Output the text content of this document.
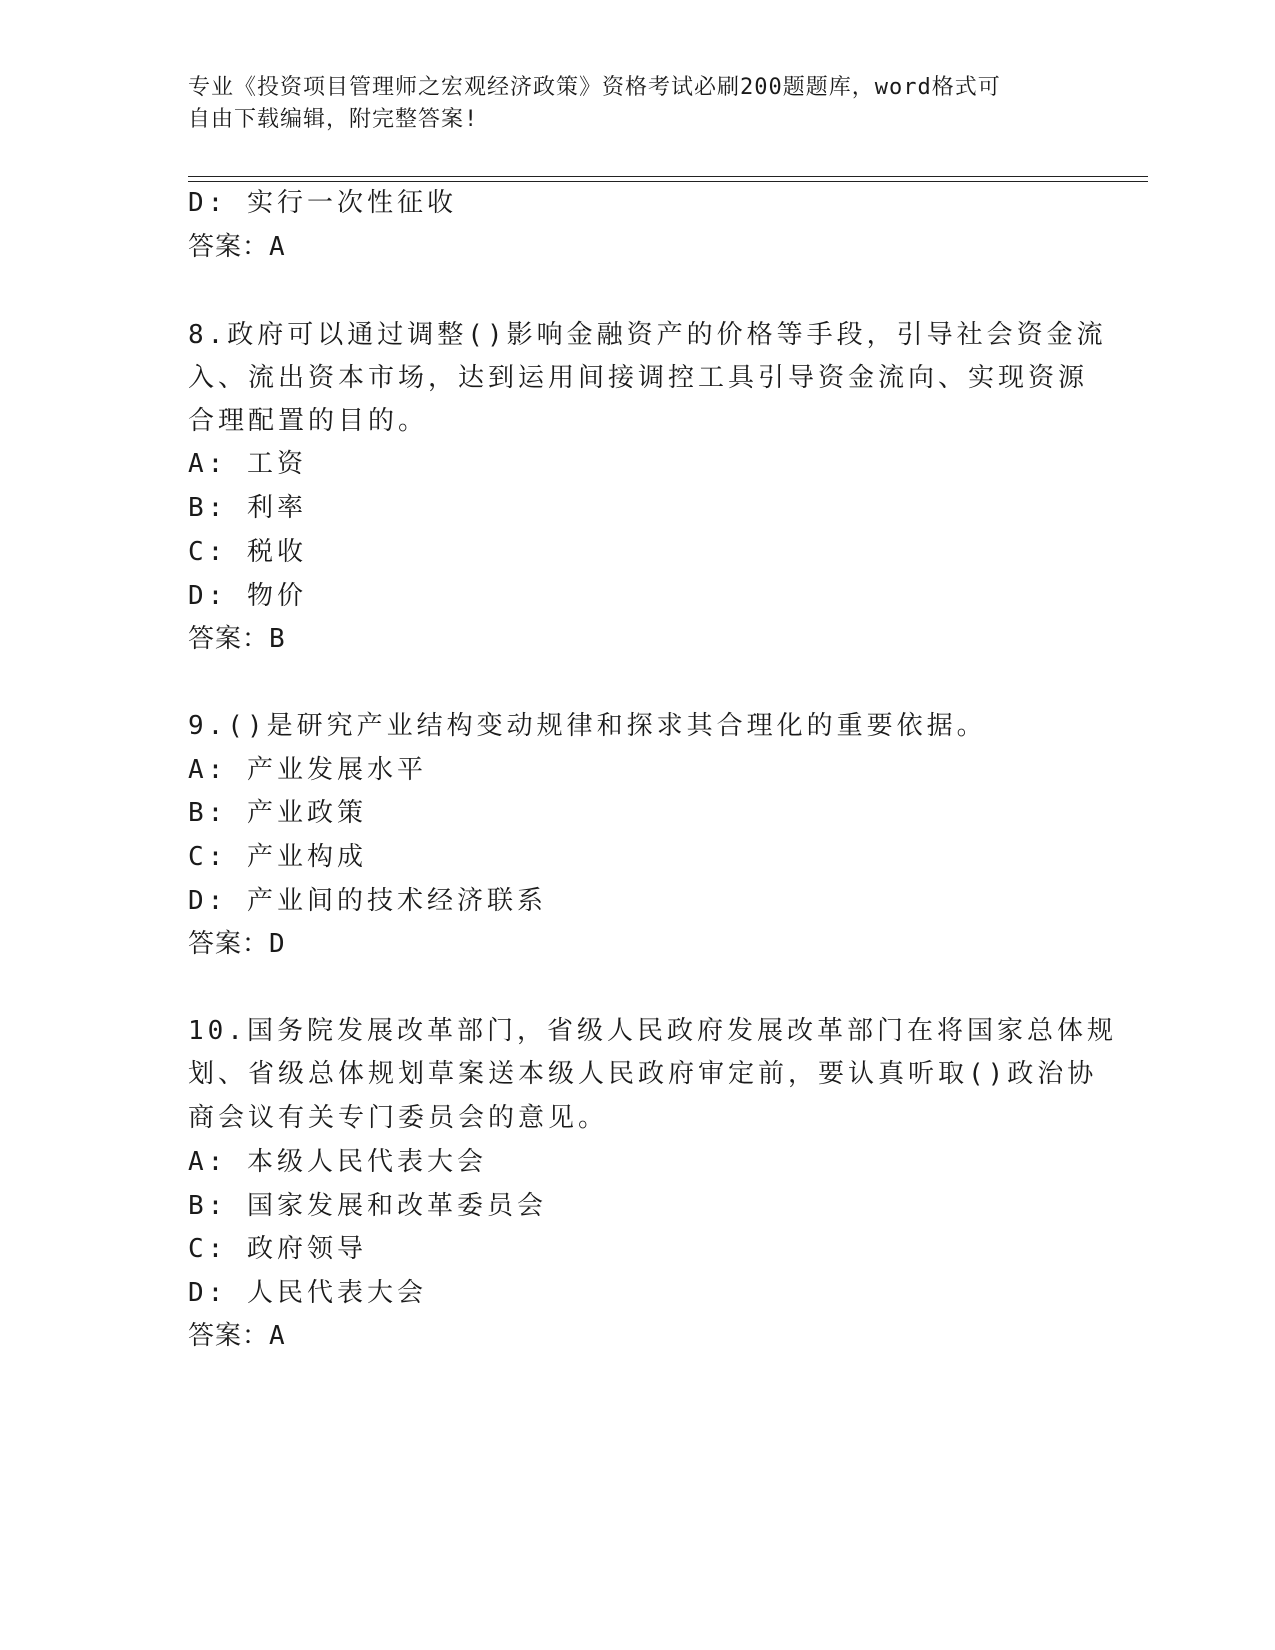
专业《投资项目管理师之宏观经济政策》资格考试必刷200题题库，word格式可
自由下载编辑，附完整答案!
D: 实行一次性征收
答案：A
8.政府可以通过调整()影响金融资产的价格等手段，引导社会资金流
入、流出资本市场，达到运用间接调控工具引导资金流向、实现资源
合理配置的目的。
A: 工资
B: 利率
C: 税收
D: 物价
答案：B
9.()是研究产业结构变动规律和探求其合理化的重要依据。
A: 产业发展水平
B: 产业政策
C: 产业构成
D: 产业间的技术经济联系
答案：D
10.国务院发展改革部门，省级人民政府发展改革部门在将国家总体规
划、省级总体规划草案送本级人民政府审定前，要认真听取()政治协
商会议有关专门委员会的意见。
A: 本级人民代表大会
B: 国家发展和改革委员会
C: 政府领导
D: 人民代表大会
答案：A
